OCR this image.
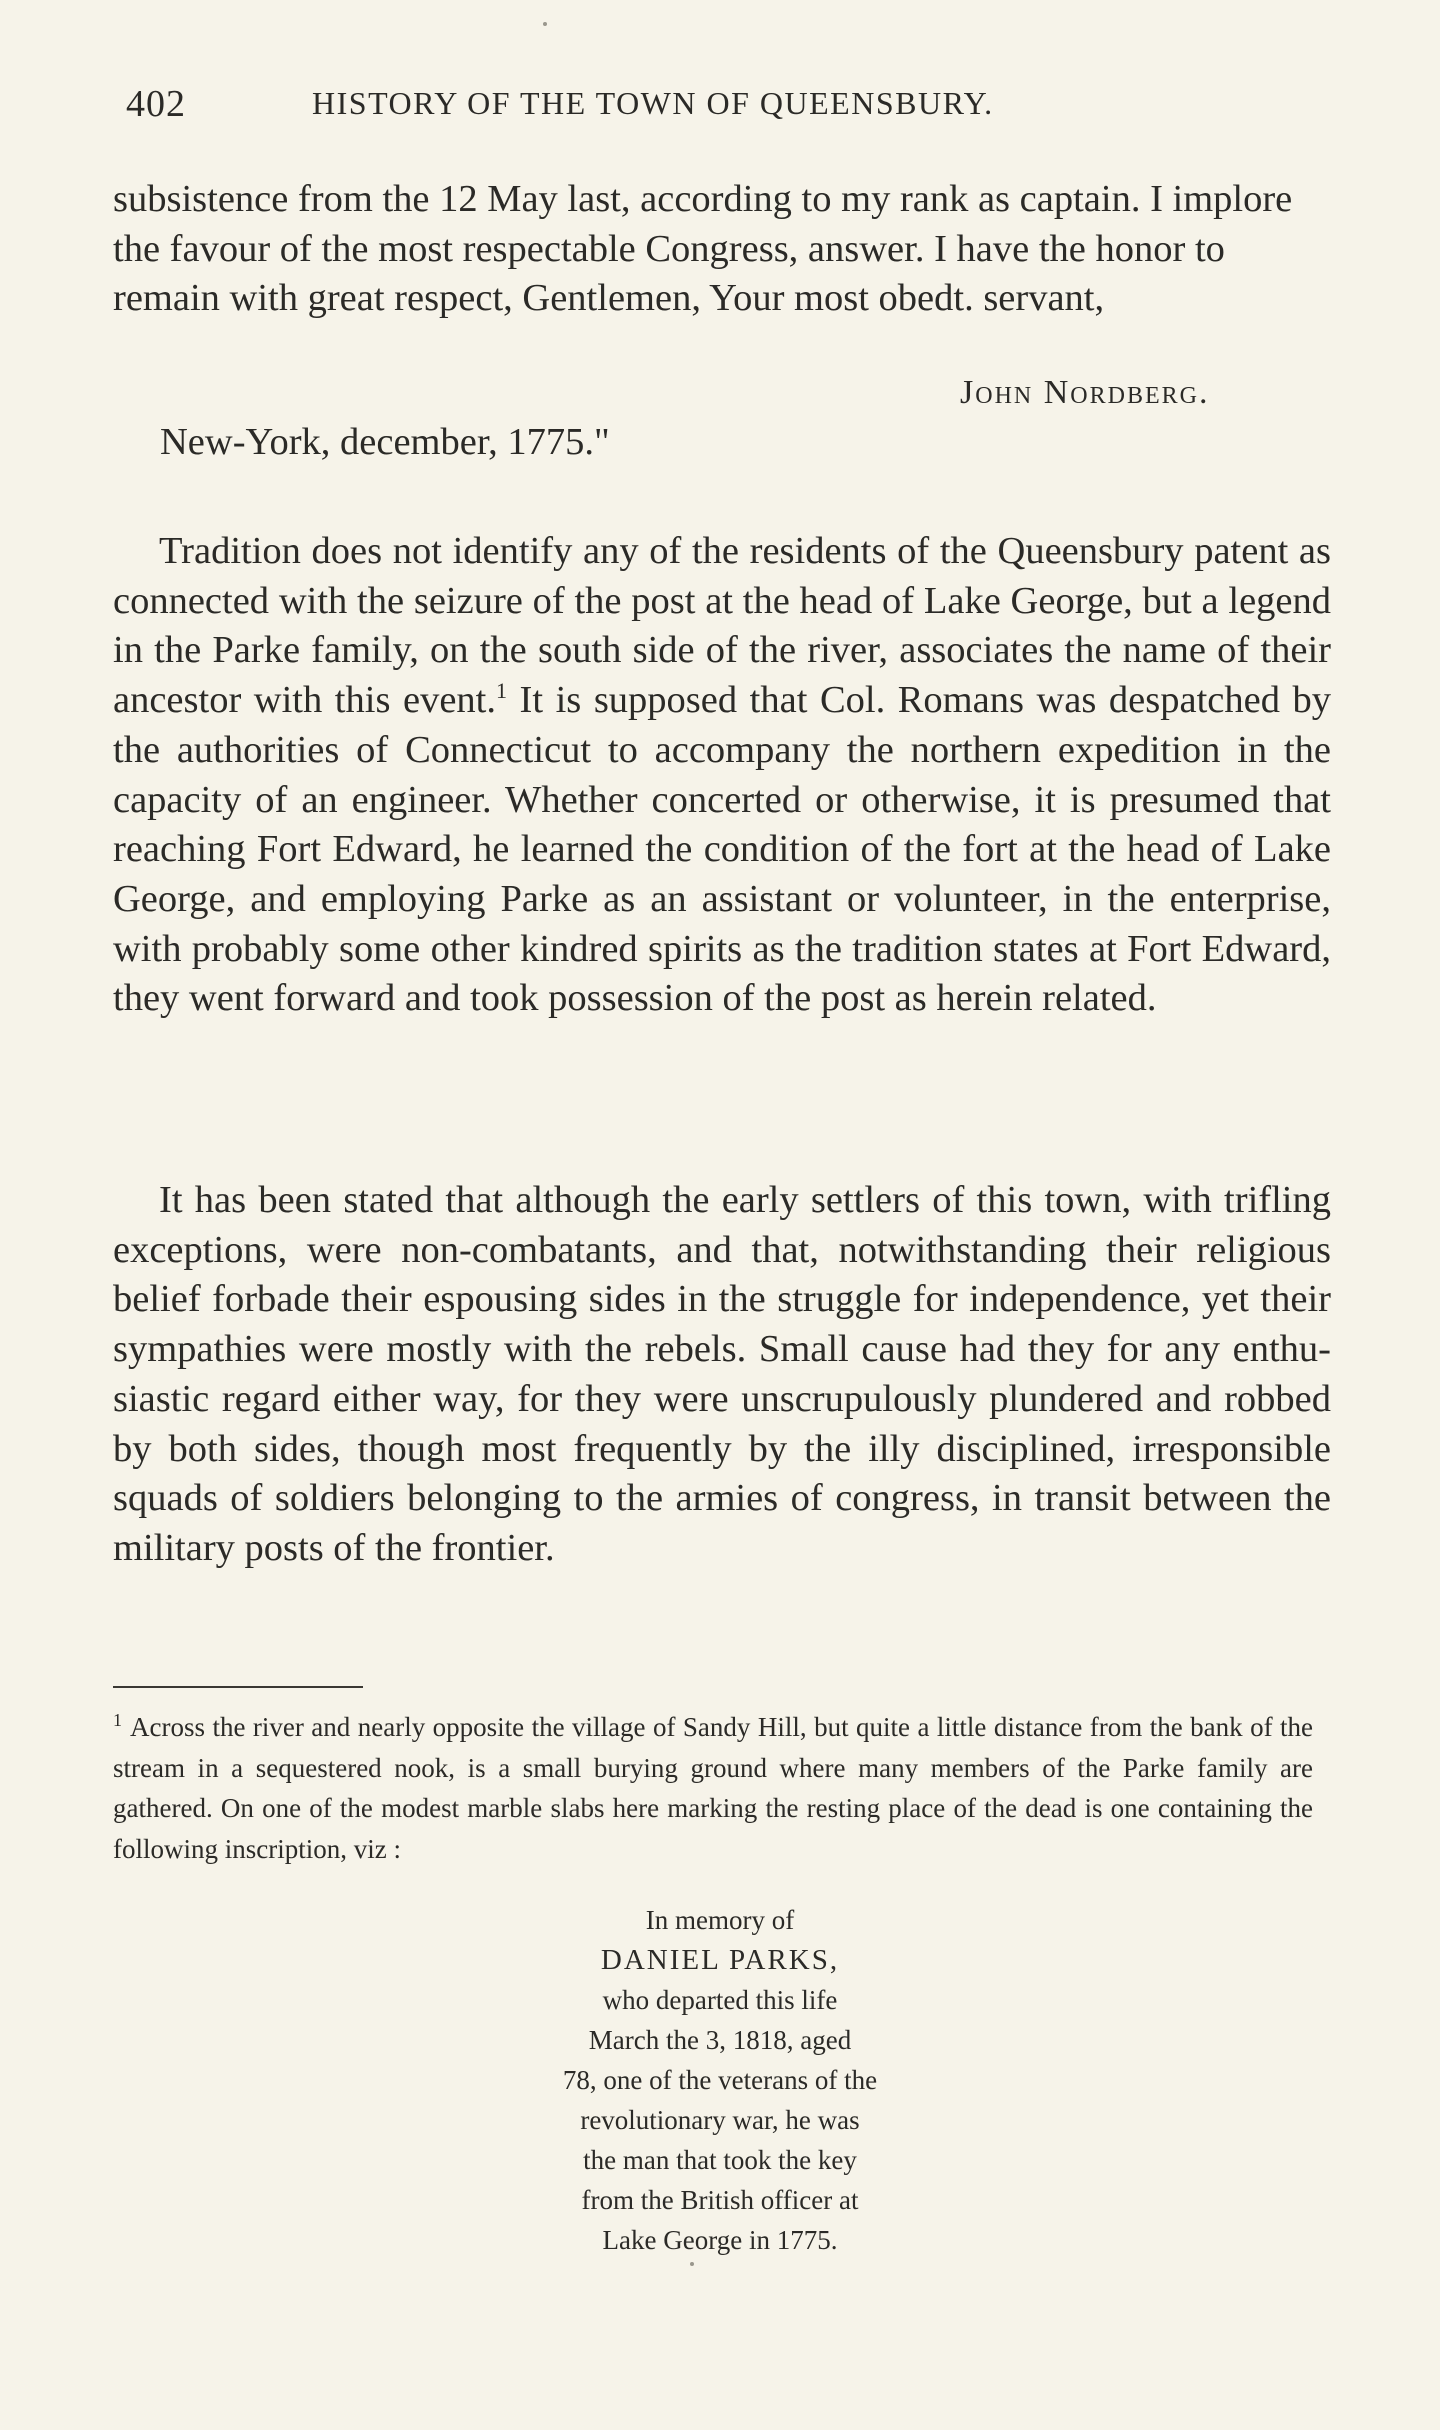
402	HISTORY OF THE TOWN OF QUEENSBURY.
subsistence from the 12 May last, according to my rank as captain. I implore the favour of the most respectable Congress, answer. I have the honor to remain with great respect, Gentlemen, Your most obedt. servant,
John Nordberg.
New-York, december, 1775."
Tradition does not identify any of the residents of the Queensbury patent as connected with the seizure of the post at the head of Lake George, but a legend in the Parke family, on the south side of the river, associates the name of their ancestor with this event.$^1$ It is supposed that Col. Romans was despatched by the authorities of Connecticut to accompany the northern expedition in the capacity of an engineer. Whether concerted or otherwise, it is presumed that reaching Fort Edward, he learned the condition of the fort at the head of Lake George, and employing Parke as an assistant or volunteer, in the enterprise, with probably some other kindred spirits as the tradition states at Fort Edward, they went forward and took possession of the post as herein related.
It has been stated that although the early settlers of this town, with trifling exceptions, were non-combatants, and that, notwithstanding their religious belief forbade their espousing sides in the struggle for independence, yet their sympathies were mostly with the rebels. Small cause had they for any enthusiastic regard either way, for they were unscrupulously plundered and robbed by both sides, though most frequently by the illy disciplined, irresponsible squads of soldiers belonging to the armies of congress, in transit between the military posts of the frontier.
$^1$ Across the river and nearly opposite the village of Sandy Hill, but quite a little distance from the bank of the stream in a sequestered nook, is a small burying ground where many members of the Parke family are gathered. On one of the modest marble slabs here marking the resting place of the dead is one containing the following inscription, viz :
In memory of
DANIEL PARKS,
who departed this life
March the 3, 1818, aged
78, one of the veterans of the
revolutionary war, he was
the man that took the key
from the British officer at
Lake George in 1775.
